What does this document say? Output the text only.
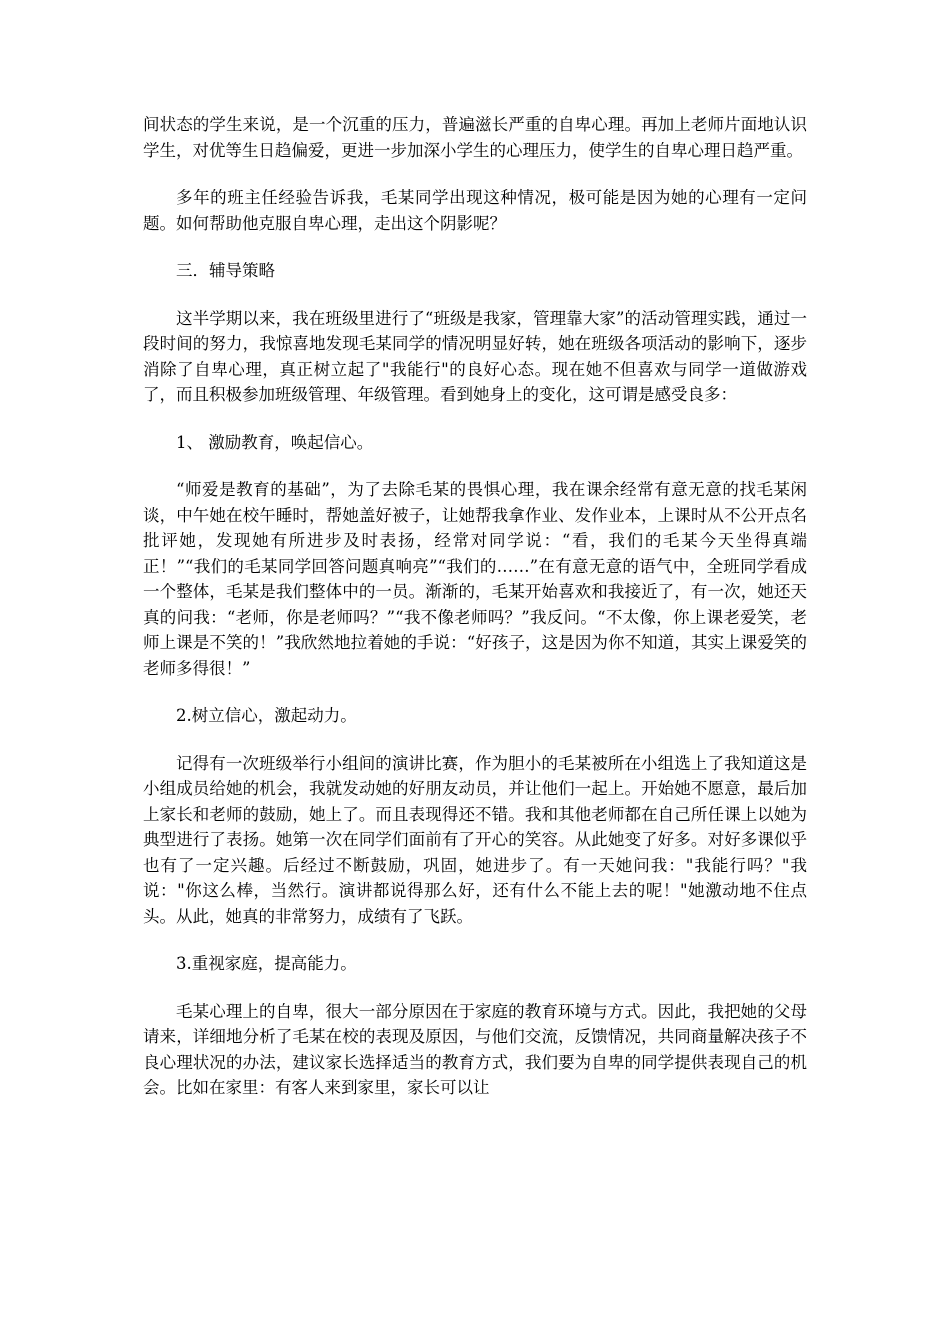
间状态的学生来说，是一个沉重的压力，普遍滋长严重的自卑心理。再加上老师片面地认识学生，对优等生日趋偏爱，更进一步加深小学生的心理压力，使学生的自卑心理日趋严重。

多年的班主任经验告诉我，毛某同学出现这种情况，极可能是因为她的心理有一定问题。如何帮助他克服自卑心理，走出这个阴影呢？

三．辅导策略

这半学期以来，我在班级里进行了“班级是我家，管理靠大家”的活动管理实践，通过一段时间的努力，我惊喜地发现毛某同学的情况明显好转，她在班级各项活动的影响下，逐步消除了自卑心理，真正树立起了"我能行"的良好心态。现在她不但喜欢与同学一道做游戏了，而且积极参加班级管理、年级管理。看到她身上的变化，这可谓是感受良多：

1、 激励教育，唤起信心。

“师爱是教育的基础”，为了去除毛某的畏惧心理，我在课余经常有意无意的找毛某闲谈，中午她在校午睡时，帮她盖好被子，让她帮我拿作业、发作业本，上课时从不公开点名批评她，发现她有所进步及时表扬，经常对同学说：“看，我们的毛某今天坐得真端正！”“我们的毛某同学回答问题真响亮”“我们的……”在有意无意的语气中，全班同学看成一个整体，毛某是我们整体中的一员。渐渐的，毛某开始喜欢和我接近了，有一次，她还天真的问我：“老师，你是老师吗？”“我不像老师吗？”我反问。“不太像，你上课老爱笑，老师上课是不笑的！”我欣然地拉着她的手说：“好孩子，这是因为你不知道，其实上课爱笑的老师多得很！”

2.树立信心，激起动力。

记得有一次班级举行小组间的演讲比赛，作为胆小的毛某被所在小组选上了我知道这是小组成员给她的机会，我就发动她的好朋友动员，并让他们一起上。开始她不愿意，最后加上家长和老师的鼓励，她上了。而且表现得还不错。我和其他老师都在自己所任课上以她为典型进行了表扬。她第一次在同学们面前有了开心的笑容。从此她变了好多。对好多课似乎也有了一定兴趣。后经过不断鼓励，巩固，她进步了。有一天她问我："我能行吗？"我说："你这么棒，当然行。演讲都说得那么好，还有什么不能上去的呢！"她激动地不住点头。从此，她真的非常努力，成绩有了飞跃。

3.重视家庭，提高能力。

毛某心理上的自卑，很大一部分原因在于家庭的教育环境与方式。因此，我把她的父母请来，详细地分析了毛某在校的表现及原因，与他们交流，反馈情况，共同商量解决孩子不良心理状况的办法，建议家长选择适当的教育方式，我们要为自卑的同学提供表现自己的机会。比如在家里：有客人来到家里，家长可以让
